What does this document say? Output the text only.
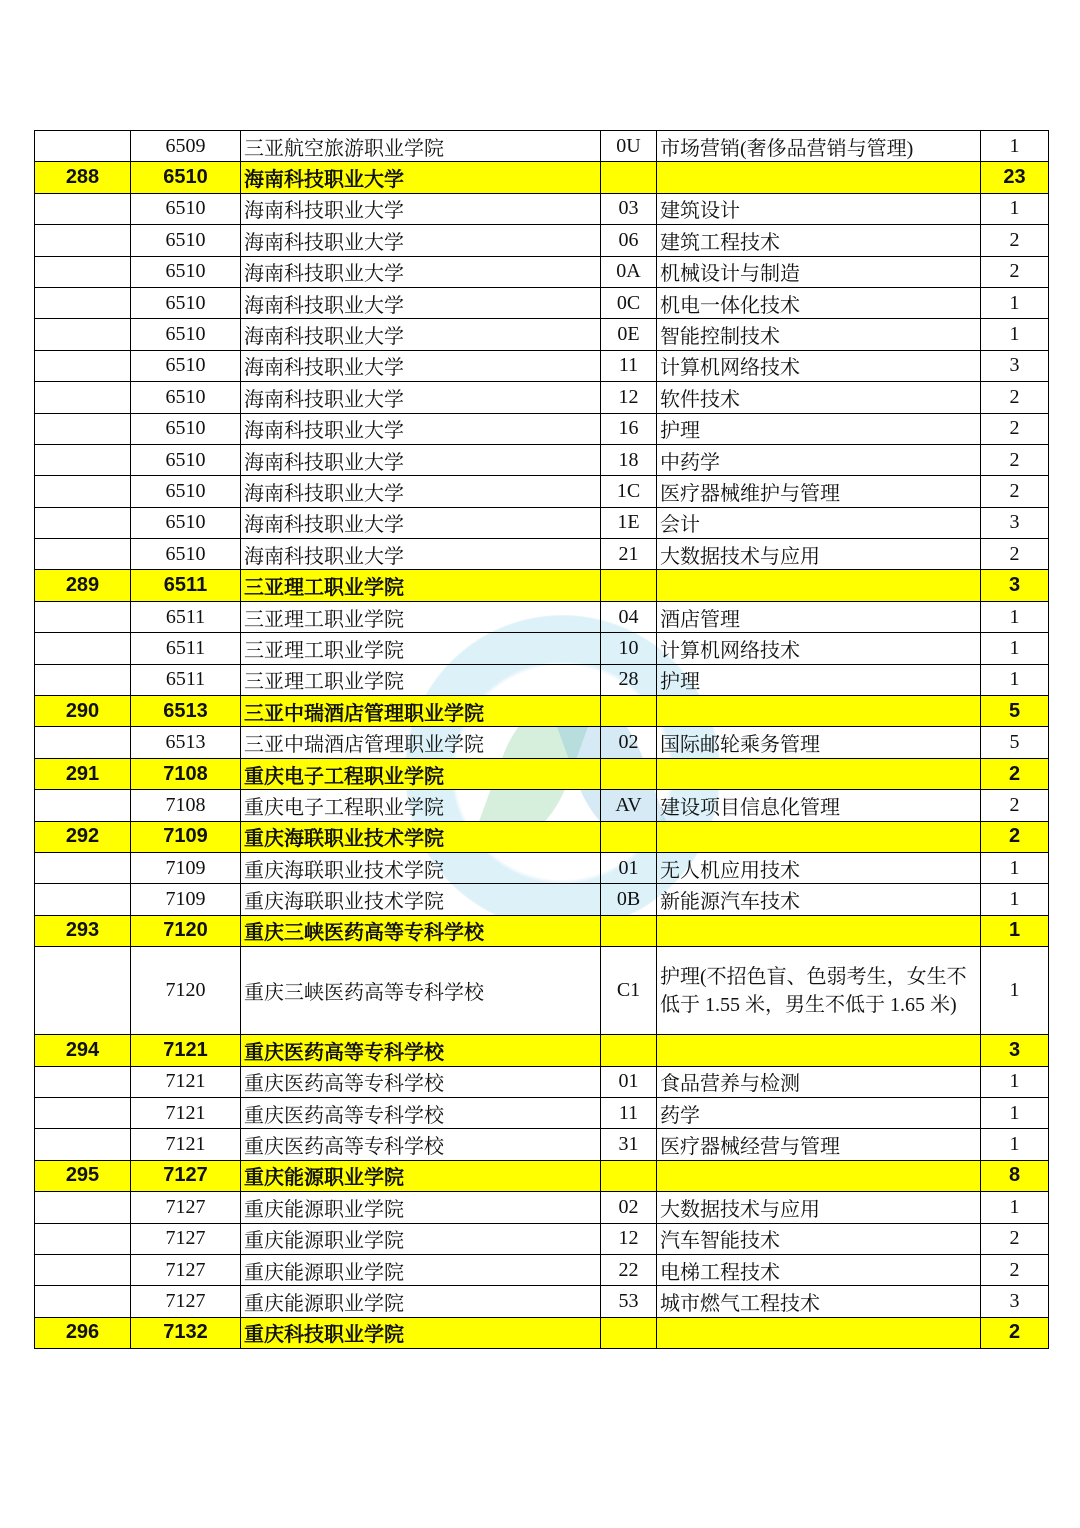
	6509	三亚航空旅游职业学院	0U	市场营销(奢侈品营销与管理)	1
288	6510	海南科技职业大学			23
	6510	海南科技职业大学	03	建筑设计	1
	6510	海南科技职业大学	06	建筑工程技术	2
	6510	海南科技职业大学	0A	机械设计与制造	2
	6510	海南科技职业大学	0C	机电一体化技术	1
	6510	海南科技职业大学	0E	智能控制技术	1
	6510	海南科技职业大学	11	计算机网络技术	3
	6510	海南科技职业大学	12	软件技术	2
	6510	海南科技职业大学	16	护理	2
	6510	海南科技职业大学	18	中药学	2
	6510	海南科技职业大学	1C	医疗器械维护与管理	2
	6510	海南科技职业大学	1E	会计	3
	6510	海南科技职业大学	21	大数据技术与应用	2
289	6511	三亚理工职业学院			3
	6511	三亚理工职业学院	04	酒店管理	1
	6511	三亚理工职业学院	10	计算机网络技术	1
	6511	三亚理工职业学院	28	护理	1
290	6513	三亚中瑞酒店管理职业学院			5
	6513	三亚中瑞酒店管理职业学院	02	国际邮轮乘务管理	5
291	7108	重庆电子工程职业学院			2
	7108	重庆电子工程职业学院	AV	建设项目信息化管理	2
292	7109	重庆海联职业技术学院			2
	7109	重庆海联职业技术学院	01	无人机应用技术	1
	7109	重庆海联职业技术学院	0B	新能源汽车技术	1
293	7120	重庆三峡医药高等专科学校			1
	7120	重庆三峡医药高等专科学校	C1	护理(不招色盲、色弱考生，女生不低于 1.55 米，男生不低于 1.65 米)	1
294	7121	重庆医药高等专科学校			3
	7121	重庆医药高等专科学校	01	食品营养与检测	1
	7121	重庆医药高等专科学校	11	药学	1
	7121	重庆医药高等专科学校	31	医疗器械经营与管理	1
295	7127	重庆能源职业学院			8
	7127	重庆能源职业学院	02	大数据技术与应用	1
	7127	重庆能源职业学院	12	汽车智能技术	2
	7127	重庆能源职业学院	22	电梯工程技术	2
	7127	重庆能源职业学院	53	城市燃气工程技术	3
296	7132	重庆科技职业学院			2
